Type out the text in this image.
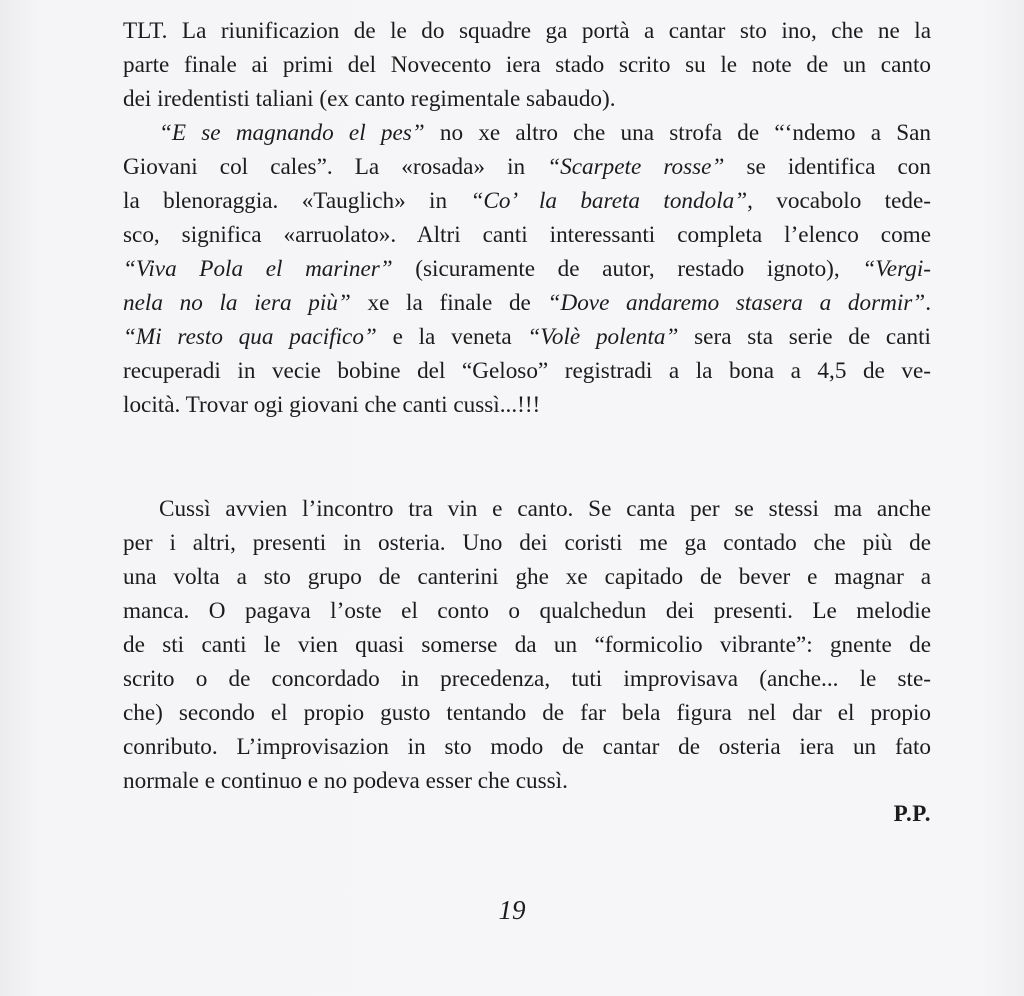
TLT. La riunificazion de le do squadre ga portà a cantar sto ino, che ne la
parte finale ai primi del Novecento iera stado scrito su le note de un canto
dei iredentisti taliani (ex canto regimentale sabaudo).
“E se magnando el pes” no xe altro che una strofa de “‘ndemo a San
Giovani col cales”. La «rosada» in “Scarpete rosse” se identifica con
la blenoraggia. «Tauglich» in “Co’ la bareta tondola”, vocabolo tede-
sco, significa «arruolato». Altri canti interessanti completa l’elenco come
“Viva Pola el mariner” (sicuramente de autor, restado ignoto), “Vergi-
nela no la iera più” xe la finale de “Dove andaremo stasera a dormir”.
“Mi resto qua pacifico” e la veneta “Volè polenta” sera sta serie de canti
recuperadi in vecie bobine del “Geloso” registradi a la bona a 4,5 de ve-
locità. Trovar ogi giovani che canti cussì...!!!
Cussì avvien l’incontro tra vin e canto. Se canta per se stessi ma anche
per i altri, presenti in osteria. Uno dei coristi me ga contado che più de
una volta a sto grupo de canterini ghe xe capitado de bever e magnar a
manca. O pagava l’oste el conto o qualchedun dei presenti. Le melodie
de sti canti le vien quasi somerse da un “formicolio vibrante”: gnente de
scrito o de concordado in precedenza, tuti improvisava (anche... le ste-
che) secondo el propio gusto tentando de far bela figura nel dar el propio
conributo. L’improvisazion in sto modo de cantar de osteria iera un fato
normale e continuo e no podeva esser che cussì.
P.P.
19
